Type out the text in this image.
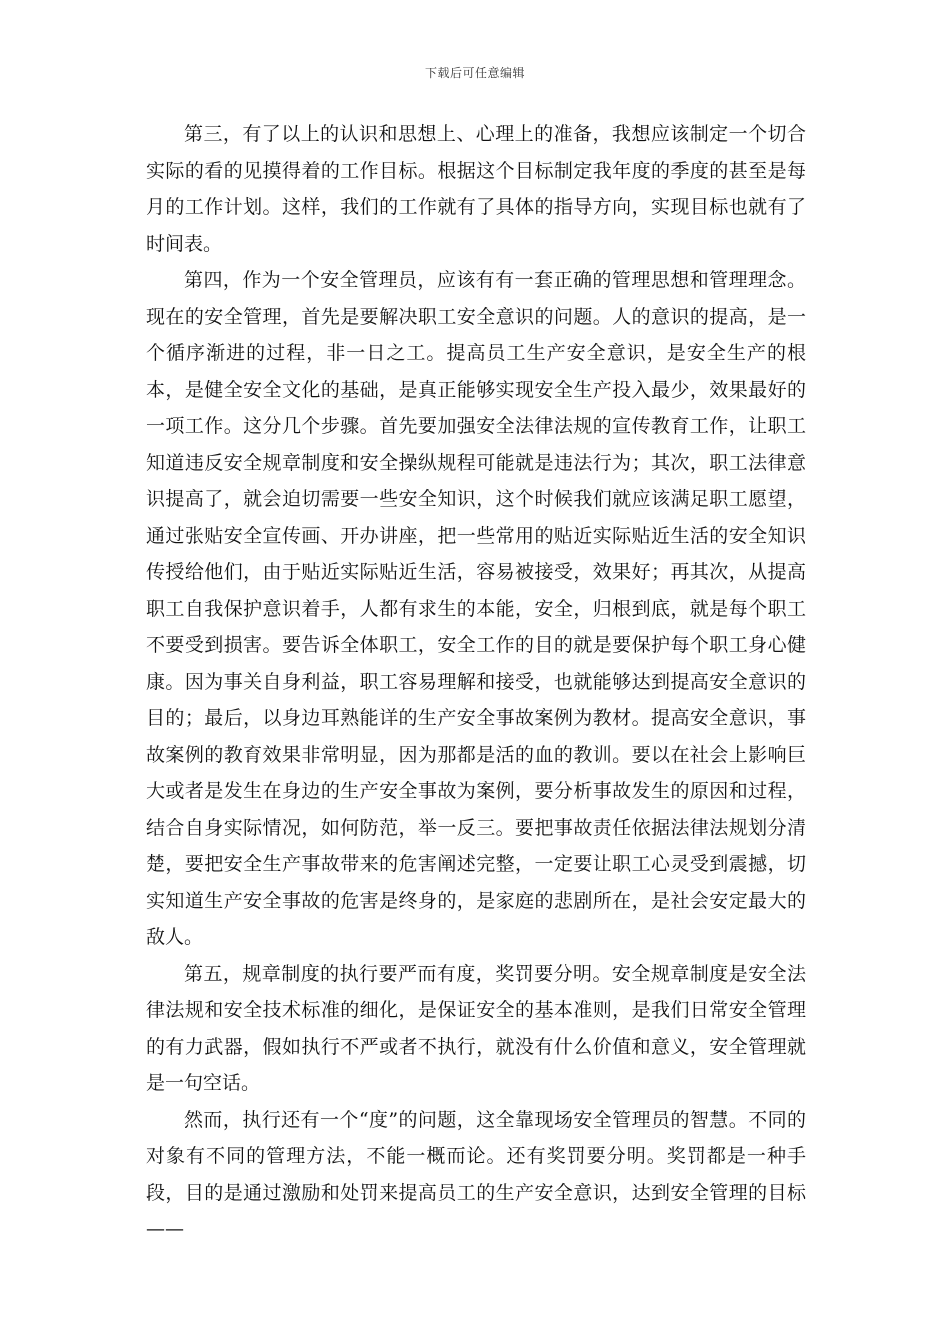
下载后可任意编辑

第三，有了以上的认识和思想上、心理上的准备，我想应该制定一个切合实际的看的见摸得着的工作目标。根据这个目标制定我年度的季度的甚至是每月的工作计划。这样，我们的工作就有了具体的指导方向，实现目标也就有了时间表。

第四，作为一个安全管理员，应该有有一套正确的管理思想和管理理念。现在的安全管理，首先是要解决职工安全意识的问题。人的意识的提高，是一个循序渐进的过程，非一日之工。提高员工生产安全意识，是安全生产的根本，是健全安全文化的基础，是真正能够实现安全生产投入最少，效果最好的一项工作。这分几个步骤。首先要加强安全法律法规的宣传教育工作，让职工知道违反安全规章制度和安全操纵规程可能就是违法行为；其次，职工法律意识提高了，就会迫切需要一些安全知识，这个时候我们就应该满足职工愿望，通过张贴安全宣传画、开办讲座，把一些常用的贴近实际贴近生活的安全知识传授给他们，由于贴近实际贴近生活，容易被接受，效果好；再其次，从提高职工自我保护意识着手，人都有求生的本能，安全，归根到底，就是每个职工不要受到损害。要告诉全体职工，安全工作的目的就是要保护每个职工身心健康。因为事关自身利益，职工容易理解和接受，也就能够达到提高安全意识的目的；最后，以身边耳熟能详的生产安全事故案例为教材。提高安全意识，事故案例的教育效果非常明显，因为那都是活的血的教训。要以在社会上影响巨大或者是发生在身边的生产安全事故为案例，要分析事故发生的原因和过程，结合自身实际情况，如何防范，举一反三。要把事故责任依据法律法规划分清楚，要把安全生产事故带来的危害阐述完整，一定要让职工心灵受到震撼，切实知道生产安全事故的危害是终身的，是家庭的悲剧所在，是社会安定最大的敌人。

第五，规章制度的执行要严而有度，奖罚要分明。安全规章制度是安全法律法规和安全技术标准的细化，是保证安全的基本准则，是我们日常安全管理的有力武器，假如执行不严或者不执行，就没有什么价值和意义，安全管理就是一句空话。

然而，执行还有一个“度”的问题，这全靠现场安全管理员的智慧。不同的对象有不同的管理方法，不能一概而论。还有奖罚要分明。奖罚都是一种手段，目的是通过激励和处罚来提高员工的生产安全意识，达到安全管理的目标——
